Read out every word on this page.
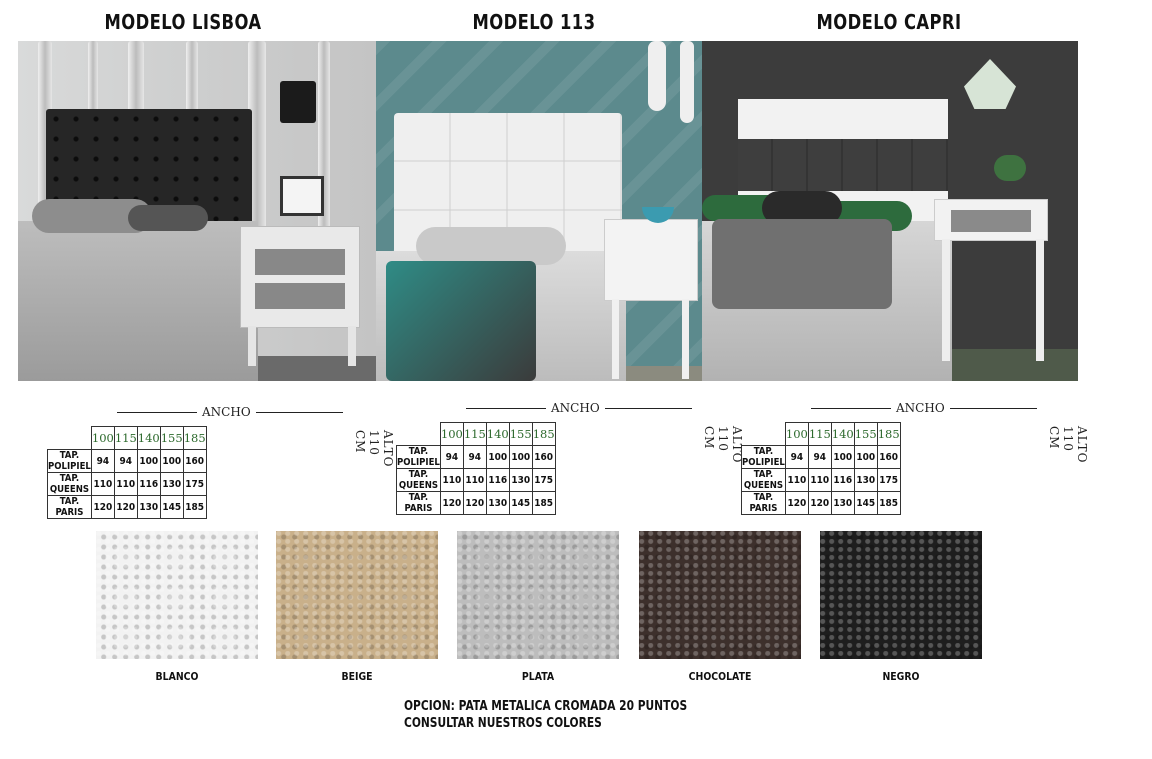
MODELO LISBOA	MODELO 113	MODELO CAPRI
ANCHO
	100	115	140	155	185
TAP. POLIPIEL	94	94	100	100	160
TAP. QUEENS	110	110	116	130	175
TAP. PARIS	120	120	130	145	185
ALTO 110 CM
ANCHO
	100	115	140	155	185
TAP. POLIPIEL	94	94	100	100	160
TAP. QUEENS	110	110	116	130	175
TAP. PARIS	120	120	130	145	185
ALTO 110 CM
ANCHO
	100	115	140	155	185
TAP. POLIPIEL	94	94	100	100	160
TAP. QUEENS	110	110	116	130	175
TAP. PARIS	120	120	130	145	185
ALTO 110 CM
BLANCO	BEIGE	PLATA	CHOCOLATE	NEGRO
OPCION: PATA METALICA CROMADA 20 PUNTOS
CONSULTAR NUESTROS COLORES
